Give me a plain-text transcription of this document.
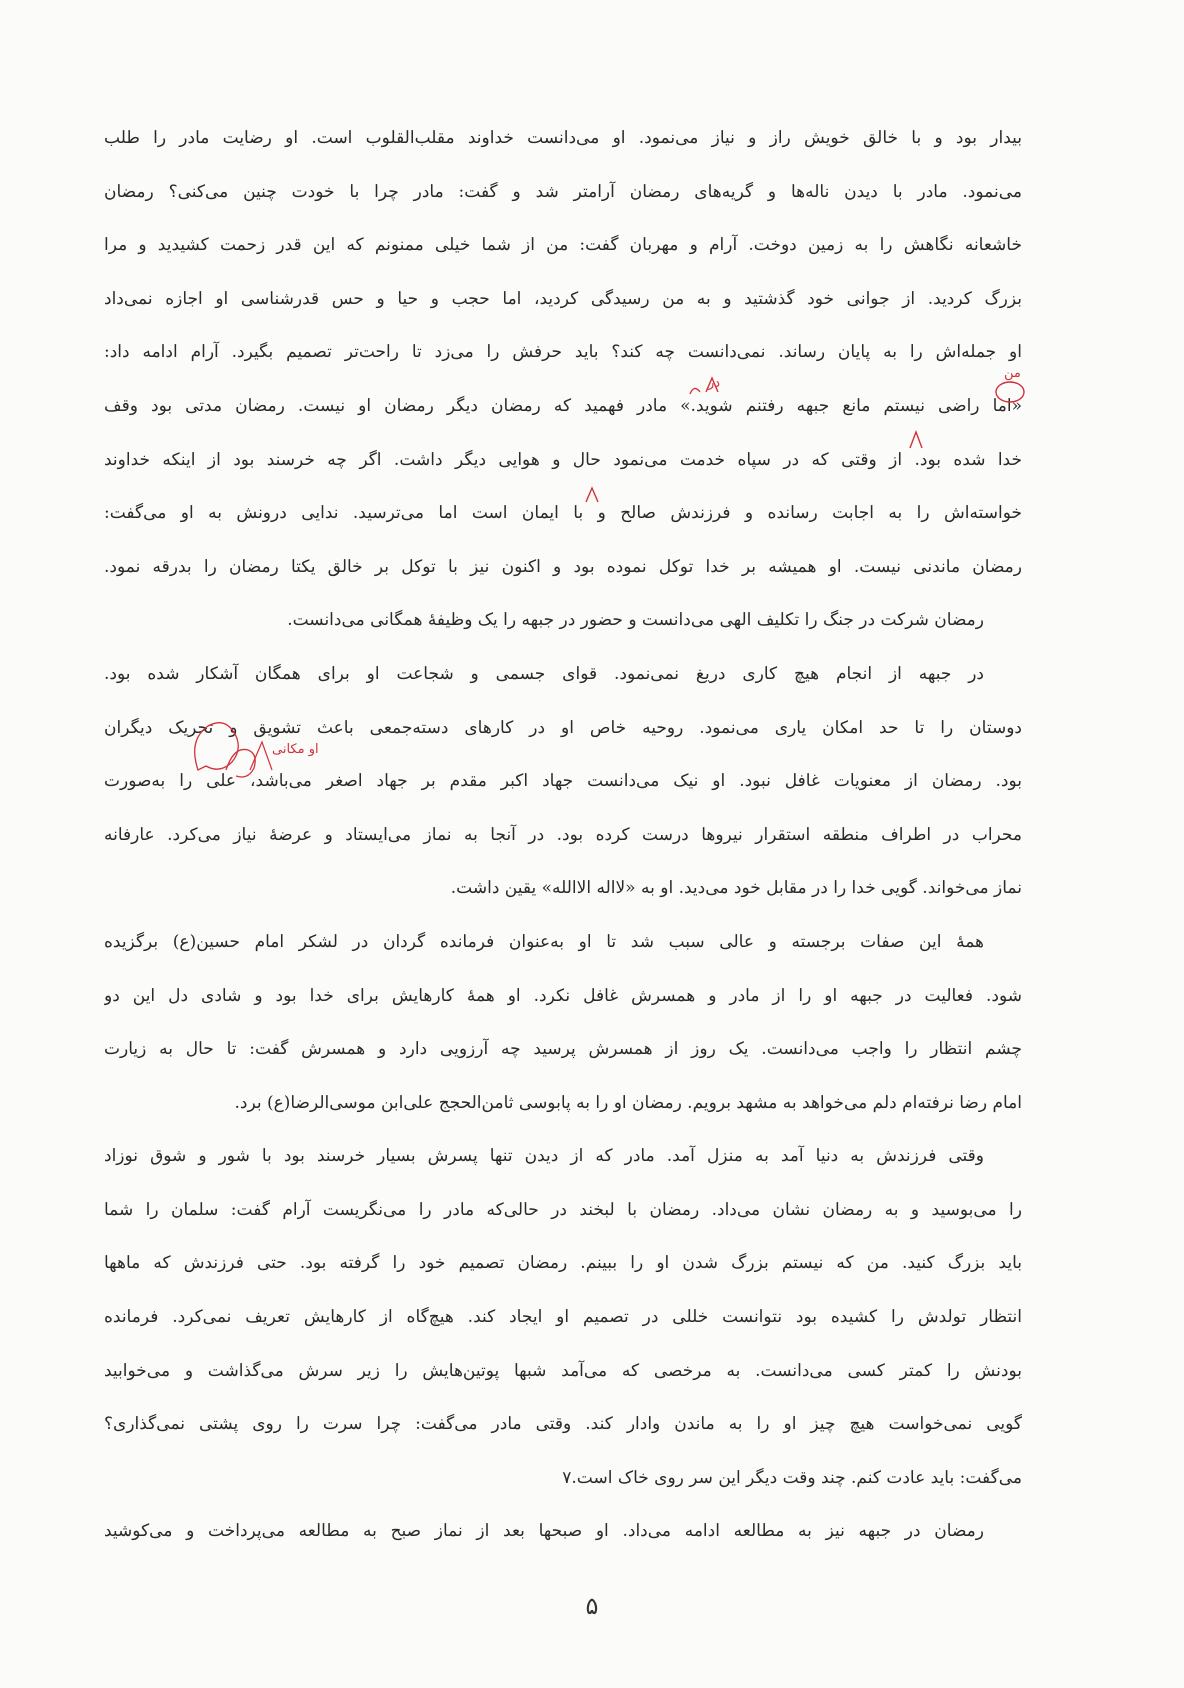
بیدار بود و با خالق خویش راز و نیاز می‌نمود. او می‌دانست خداوند مقلب‌القلوب است. او رضایت مادر را طلب
می‌نمود. مادر با دیدن ناله‌ها و گریه‌های رمضان آرامتر شد و گفت: مادر چرا با خودت چنین می‌کنی؟ رمضان
خاشعانه نگاهش را به زمین دوخت. آرام و مهربان گفت: من از شما خیلی ممنونم که این قدر زحمت کشیدید و مرا
بزرگ کردید. از جوانی خود گذشتید و به من رسیدگی کردید، اما حجب و حیا و حس قدرشناسی او اجازه نمی‌داد
او جمله‌اش را به پایان رساند. نمی‌دانست چه کند؟ باید حرفش را می‌زد تا راحت‌تر تصمیم بگیرد. آرام ادامه داد:
«اما راضی نیستم مانع جبهه رفتنم شوید.» مادر فهمید که رمضان دیگر رمضان او نیست. رمضان مدتی بود وقف
خدا شده بود. از وقتی که در سپاه خدمت می‌نمود حال و هوایی دیگر داشت. اگر چه خرسند بود از اینکه خداوند
خواسته‌اش را به اجابت رسانده و فرزندش صالح و با ایمان است اما می‌ترسید. ندایی درونش به او می‌گفت:
رمضان ماندنی نیست. او همیشه بر خدا توکل نموده بود و اکنون نیز با توکل بر خالق یکتا رمضان را بدرقه نمود.
رمضان شرکت در جنگ را تکلیف الهی می‌دانست و حضور در جبهه را یک وظیفهٔ همگانی می‌دانست.
در جبهه از انجام هیچ کاری دریغ نمی‌نمود. قوای جسمی و شجاعت او برای همگان آشکار شده بود.
دوستان را تا حد امکان یاری می‌نمود. روحیه خاص او در کارهای دسته‌جمعی باعث تشویق و تحریک دیگران
بود. رمضان از معنویات غافل نبود. او نیک می‌دانست جهاد اکبر مقدم بر جهاد اصغر می‌باشد، علی را به‌صورت
محراب در اطراف منطقه استقرار نیروها درست کرده بود. در آنجا به نماز می‌ایستاد و عرضهٔ نیاز می‌کرد. عارفانه
نماز می‌خواند. گویی خدا را در مقابل خود می‌دید. او به «لااله الاالله» یقین داشت.
همهٔ این صفات برجسته و عالی سبب شد تا او به‌عنوان فرمانده گردان در لشکر امام حسین(ع) برگزیده
شود. فعالیت در جبهه او را از مادر و همسرش غافل نکرد. او همهٔ کارهایش برای خدا بود و شادی دل این دو
چشم انتظار را واجب می‌دانست. یک روز از همسرش پرسید چه آرزویی دارد و همسرش گفت: تا حال به زیارت
امام رضا نرفته‌ام دلم می‌خواهد به مشهد برویم. رمضان او را به پابوسی ثامن‌الحجج علی‌ابن موسی‌الرضا(ع) برد.
وقتی فرزندش به دنیا آمد به منزل آمد. مادر که از دیدن تنها پسرش بسیار خرسند بود با شور و شوق نوزاد
را می‌بوسید و به رمضان نشان می‌داد. رمضان با لبخند در حالی‌که مادر را می‌نگریست آرام گفت: سلمان را شما
باید بزرگ کنید. من که نیستم بزرگ شدن او را ببینم. رمضان تصمیم خود را گرفته بود. حتی فرزندش که ماهها
انتظار تولدش را کشیده بود نتوانست خللی در تصمیم او ایجاد کند. هیچ‌گاه از کارهایش تعریف نمی‌کرد. فرمانده
بودنش را کمتر کسی می‌دانست. به مرخصی که می‌آمد شبها پوتین‌هایش را زیر سرش می‌گذاشت و می‌خوابید
گویی نمی‌خواست هیچ چیز او را به ماندن وادار کند. وقتی مادر می‌گفت: چرا سرت را روی پشتی نمی‌گذاری؟
می‌گفت: باید عادت کنم. چند وقت دیگر این سر روی خاک است.۷
رمضان در جبهه نیز به مطالعه ادامه می‌داد. او صبحها بعد از نماز صبح به مطالعه می‌پرداخت و می‌کوشید
من
در
او مکانی
۵
